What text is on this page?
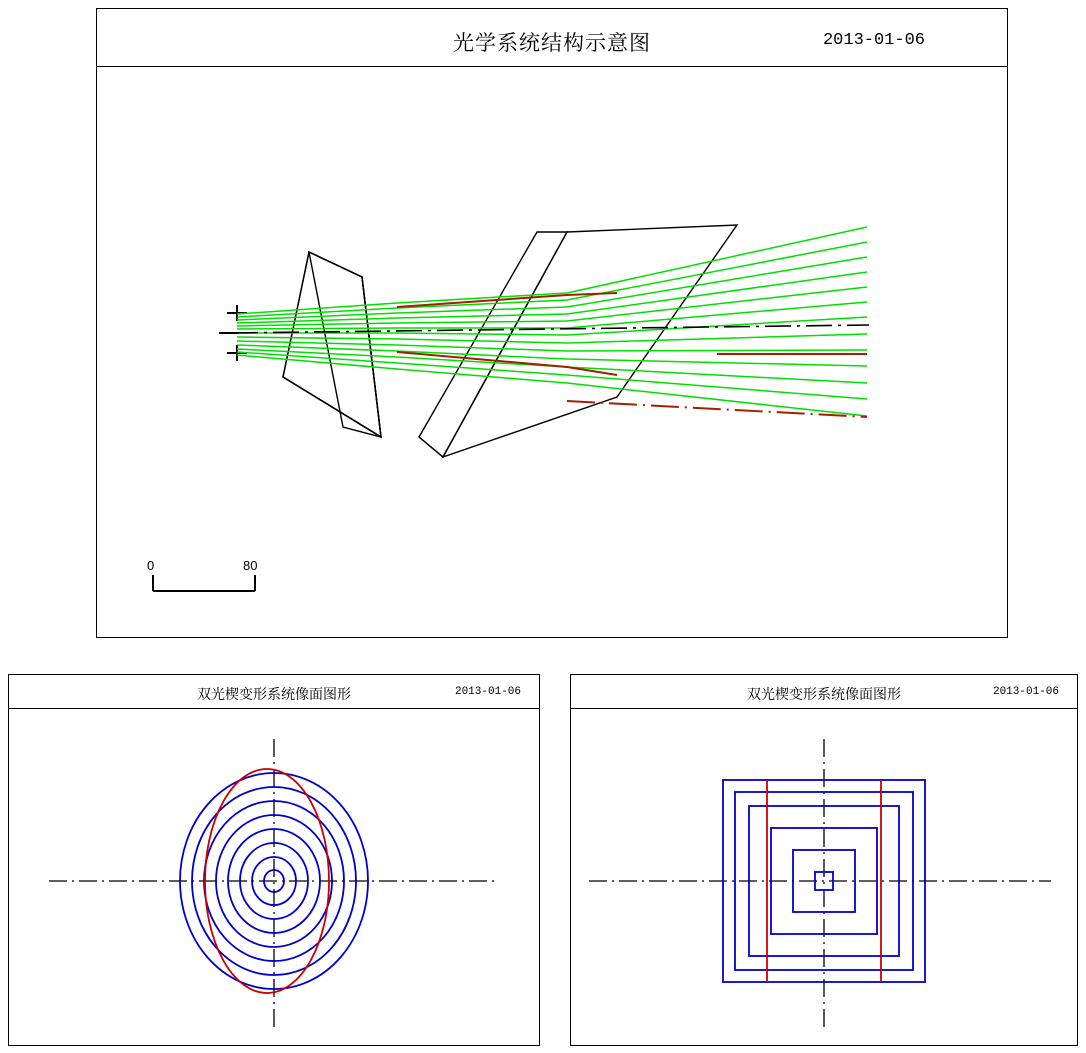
光学系统结构示意图	2013-01-06
0	80
双光楔变形系统像面图形	2013-01-06	双光楔变形系统像面图形	2013-01-06
